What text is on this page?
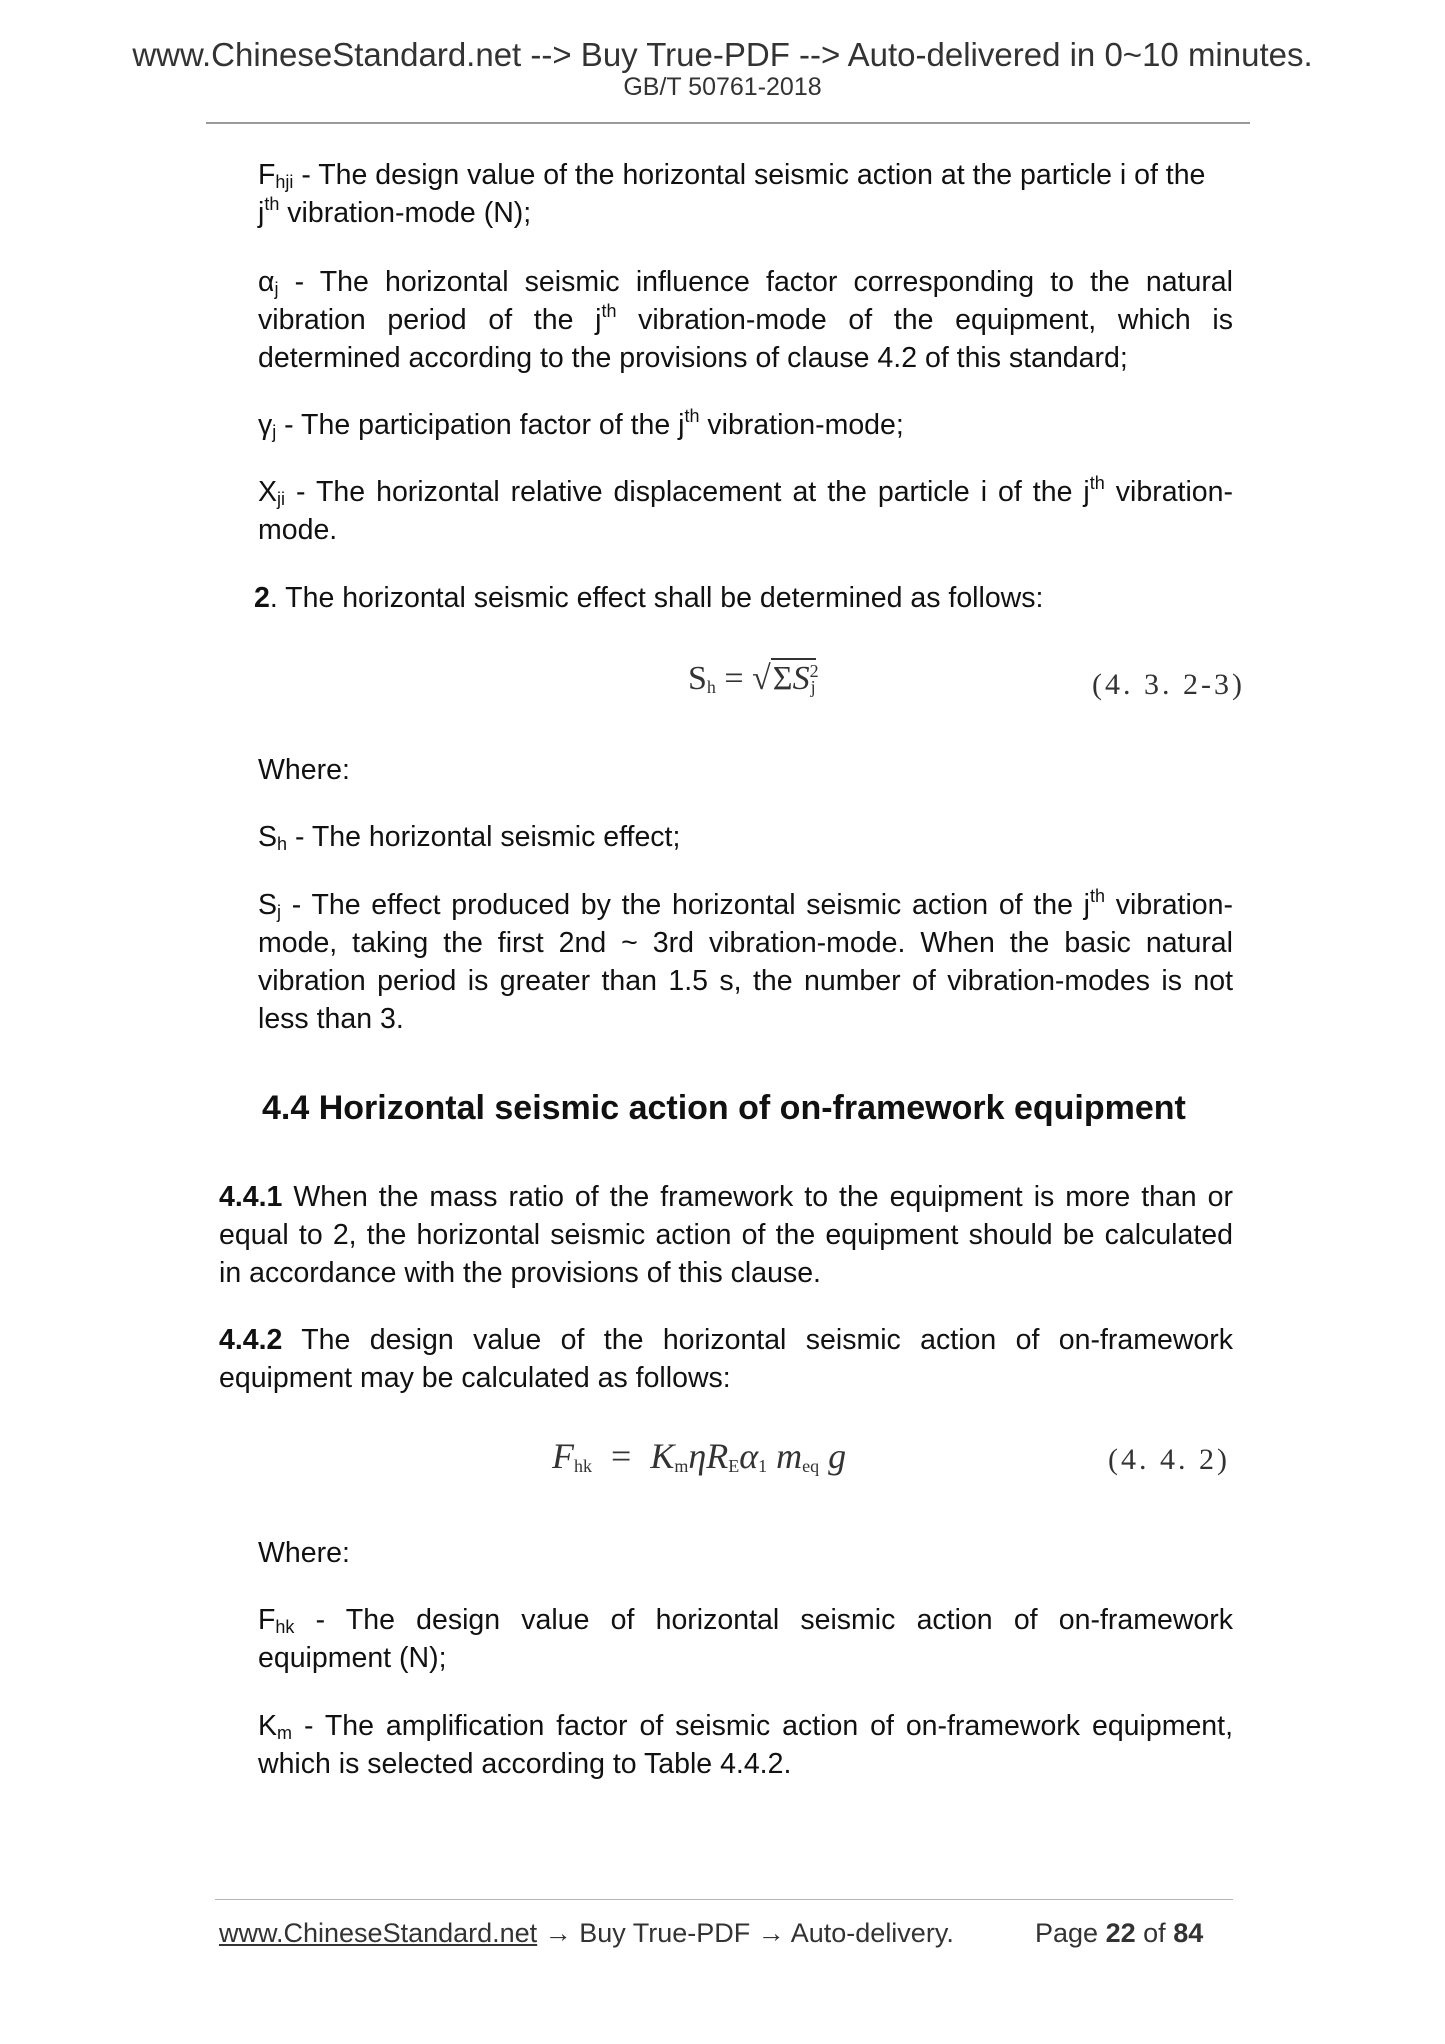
www.ChineseStandard.net --> Buy True-PDF --> Auto-delivered in 0~10 minutes.
GB/T 50761-2018
$F_{hji}$ - The design value of the horizontal seismic action at the particle i of the $j^{th}$ vibration-mode (N);
$\alpha_j$ - The horizontal seismic influence factor corresponding to the natural vibration period of the $j^{th}$ vibration-mode of the equipment, which is determined according to the provisions of clause 4.2 of this standard;
$\gamma_j$ - The participation factor of the $j^{th}$ vibration-mode;
$X_{ji}$ - The horizontal relative displacement at the particle i of the $j^{th}$ vibration-mode.
2. The horizontal seismic effect shall be determined as follows:
$S_h = √\Sigma S^2_j$	(4. 3. 2-3)
Where:
$S_h$ - The horizontal seismic effect;
$S_j$ - The effect produced by the horizontal seismic action of the $j^{th}$ vibration-mode, taking the first 2nd ~ 3rd vibration-mode. When the basic natural vibration period is greater than 1.5 s, the number of vibration-modes is not less than 3.
4.4 Horizontal seismic action of on-framework equipment
4.4.1 When the mass ratio of the framework to the equipment is more than or equal to 2, the horizontal seismic action of the equipment should be calculated in accordance with the provisions of this clause.
4.4.2 The design value of the horizontal seismic action of on-framework equipment may be calculated as follows:
$F_{hk} = K_m\eta R_E\alpha_1$ $m_{eq}$ g	(4. 4. 2)
Where:
$F_{hk}$ - The design value of horizontal seismic action of on-framework equipment (N);
$K_m$ - The amplification factor of seismic action of on-framework equipment, which is selected according to Table 4.4.2.
www.ChineseStandard.net → Buy True-PDF → Auto-delivery.	Page 22 of 84
